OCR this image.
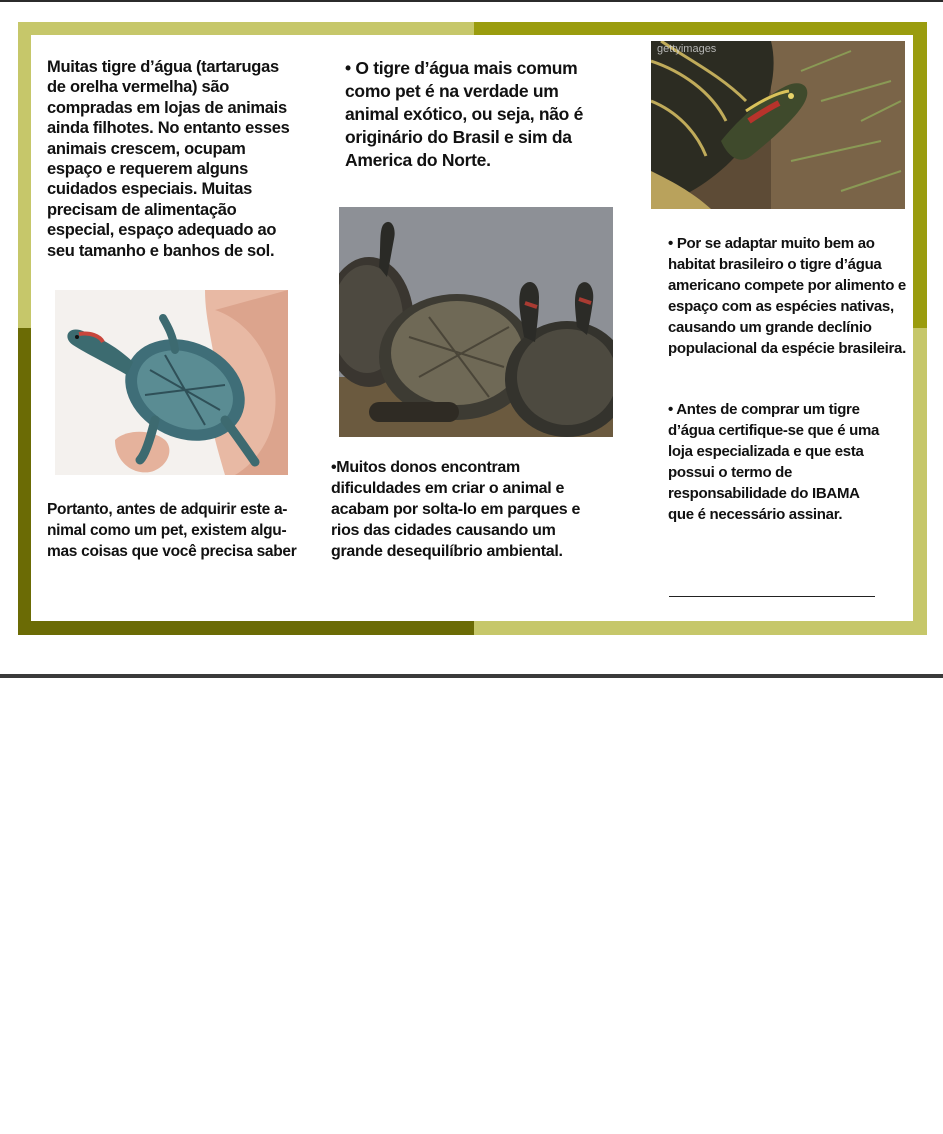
Muitas tigre d’água (tartarugas de orelha vermelha) são compradas em lojas de animais ainda filhotes. No entanto esses animais crescem, ocupam espaço e requerem alguns cuidados especiais. Muitas precisam de alimentação especial, espaço adequado ao seu tamanho e banhos de sol.
Portanto, antes de adquirir este a-nimal como um pet, existem algu-mas coisas que você precisa saber
• O tigre d’água mais comum como pet é na verdade um animal exótico, ou seja, não é originário do Brasil e sim da America do Norte.
•Muitos donos encontram dificuldades em criar o animal e acabam por solta-lo em parques e rios das cidades causando um grande desequilíbrio ambiental.
gettyimages
• Por se adaptar muito bem ao habitat brasileiro o tigre d’água americano compete por alimento e espaço com as espécies nativas, causando um grande declínio populacional da espécie brasileira.
• Antes de comprar um tigre d’água certifique-se que é uma loja especializada e que esta possui o termo de responsabilidade do IBAMA que é necessário assinar.
